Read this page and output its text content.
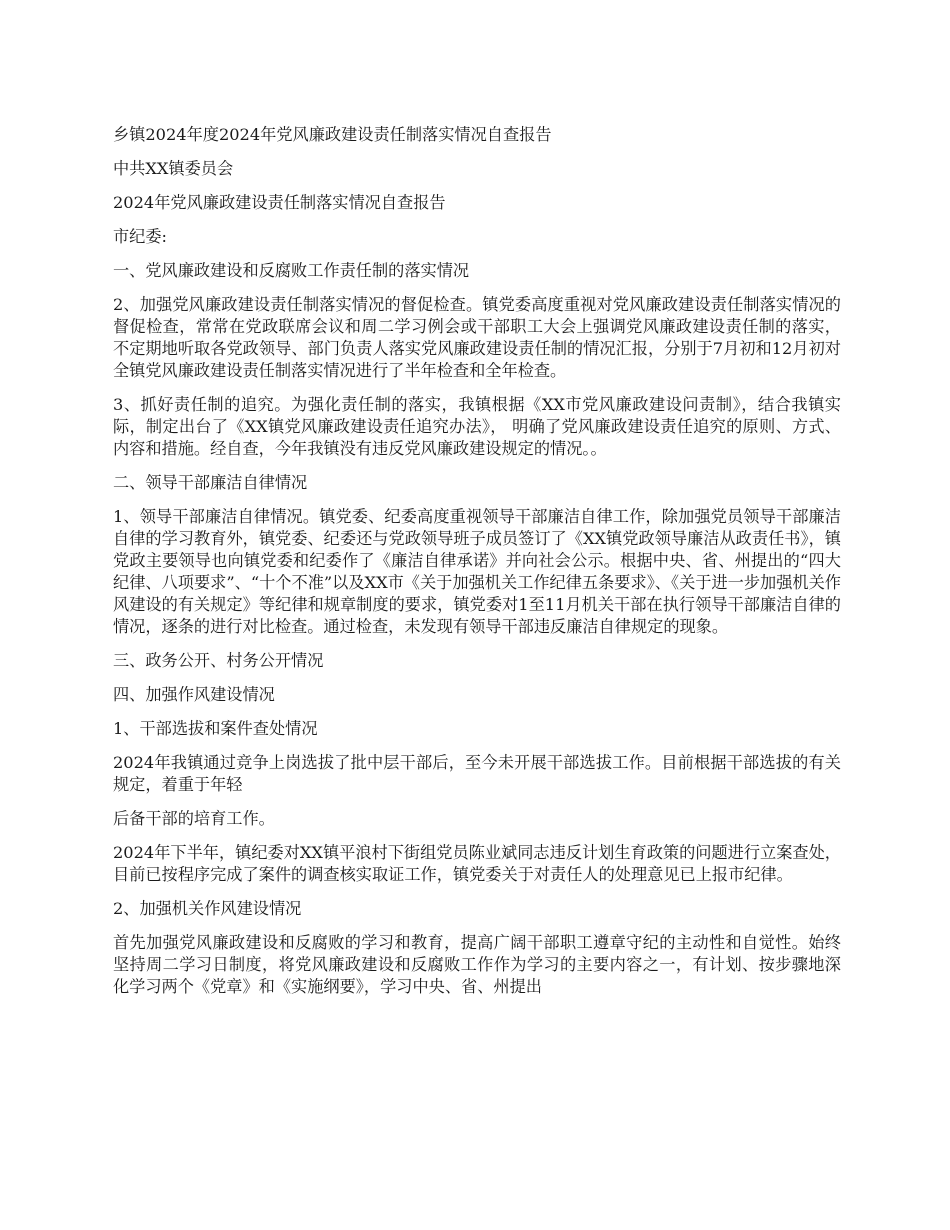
乡镇2024年度2024年党风廉政建设责任制落实情况自查报告

中共XX镇委员会

2024年党风廉政建设责任制落实情况自查报告

市纪委:

一、党风廉政建设和反腐败工作责任制的落实情况

2、加强党风廉政建设责任制落实情况的督促检查。镇党委高度重视对党风廉政建设责任制落实情况的督促检查，常常在党政联席会议和周二学习例会或干部职工大会上强调党风廉政建设责任制的落实，不定期地听取各党政领导、部门负责人落实党风廉政建设责任制的情况汇报，分别于7月初和12月初对全镇党风廉政建设责任制落实情况进行了半年检查和全年检查。

3、抓好责任制的追究。为强化责任制的落实，我镇根据《XX市党风廉政建设问责制》，结合我镇实际，制定出台了《XX镇党风廉政建设责任追究办法》， 明确了党风廉政建设责任追究的原则、方式、内容和措施。经自查，今年我镇没有违反党风廉政建设规定的情况。。

二、领导干部廉洁自律情况

1、领导干部廉洁自律情况。镇党委、纪委高度重视领导干部廉洁自律工作，除加强党员领导干部廉洁自律的学习教育外，镇党委、纪委还与党政领导班子成员签订了《XX镇党政领导廉洁从政责任书》，镇党政主要领导也向镇党委和纪委作了《廉洁自律承诺》并向社会公示。根据中央、省、州提出的“四大纪律、八项要求”、“十个不准”以及XX市《关于加强机关工作纪律五条要求》、《关于进一步加强机关作风建设的有关规定》等纪律和规章制度的要求，镇党委对1至11月机关干部在执行领导干部廉洁自律的情况，逐条的进行对比检查。通过检查，未发现有领导干部违反廉洁自律规定的现象。

三、政务公开、村务公开情况

四、加强作风建设情况

1、干部选拔和案件查处情况

2024年我镇通过竞争上岗选拔了批中层干部后，至今未开展干部选拔工作。目前根据干部选拔的有关规定，着重于年轻

后备干部的培育工作。

2024年下半年，镇纪委对XX镇平浪村下街组党员陈业斌同志违反计划生育政策的问题进行立案查处，目前已按程序完成了案件的调查核实取证工作，镇党委关于对责任人的处理意见已上报市纪律。

2、加强机关作风建设情况

首先加强党风廉政建设和反腐败的学习和教育，提高广阔干部职工遵章守纪的主动性和自觉性。始终坚持周二学习日制度，将党风廉政建设和反腐败工作作为学习的主要内容之一，有计划、按步骤地深化学习两个《党章》和《实施纲要》，学习中央、省、州提出
